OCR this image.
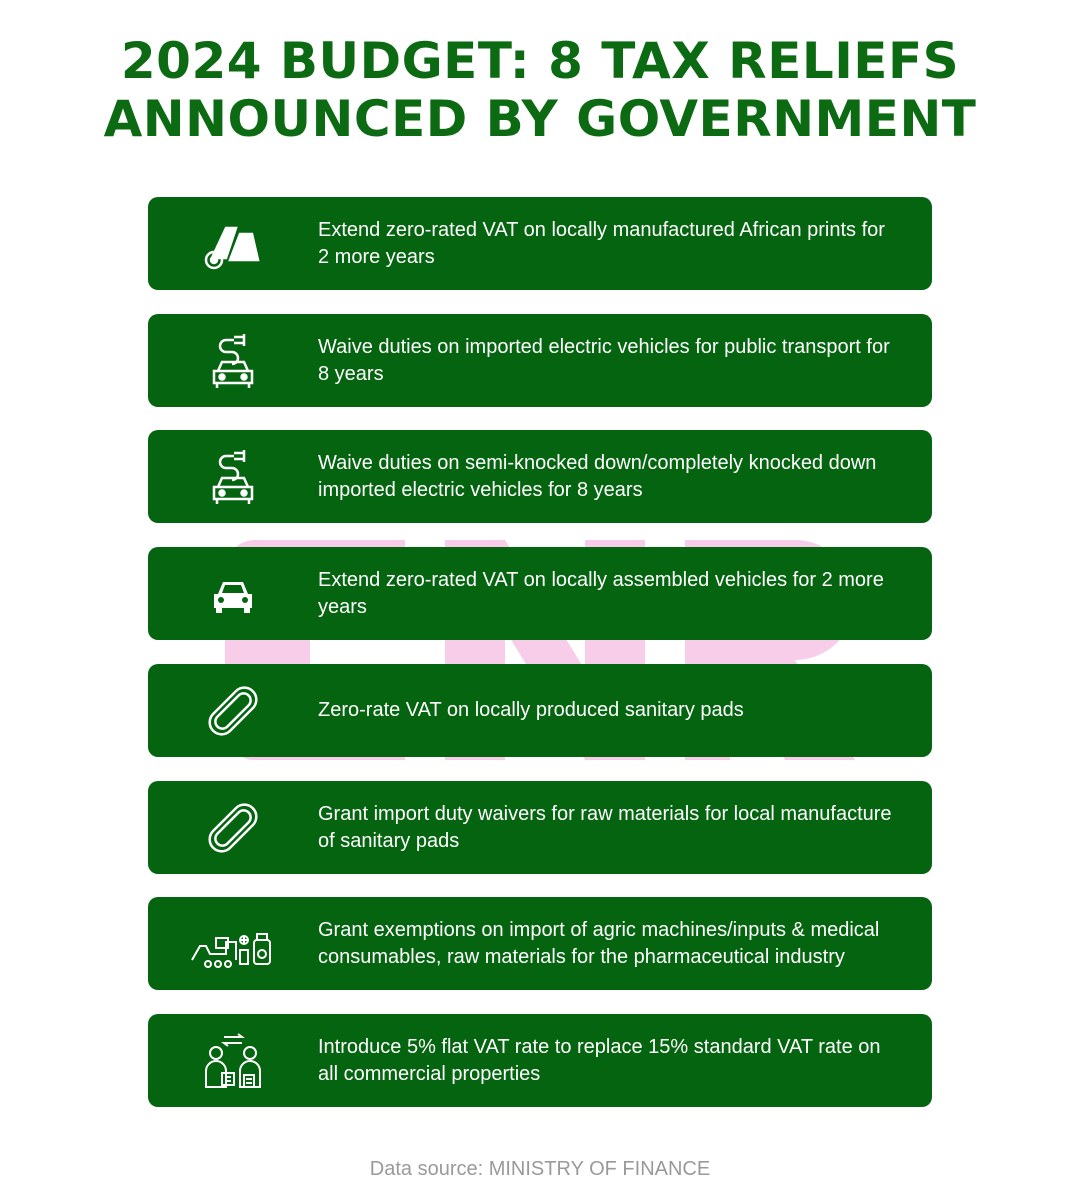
2024 BUDGET: 8 TAX RELIEFS
ANNOUNCED BY GOVERNMENT
Extend zero-rated VAT on locally manufactured African prints for 2 more years
Waive duties on imported electric vehicles for public transport for 8 years
Waive duties on semi-knocked down/completely knocked down imported electric vehicles for 8 years
Extend zero-rated VAT on locally assembled vehicles for 2 more years
Zero-rate VAT on locally produced sanitary pads
Grant import duty waivers for raw materials for local manufacture of sanitary pads
Grant exemptions on import of agric machines/inputs & medical consumables, raw materials for the pharmaceutical industry
Introduce 5% flat VAT rate to replace 15% standard VAT rate on all commercial properties
Data source: MINISTRY OF FINANCE
